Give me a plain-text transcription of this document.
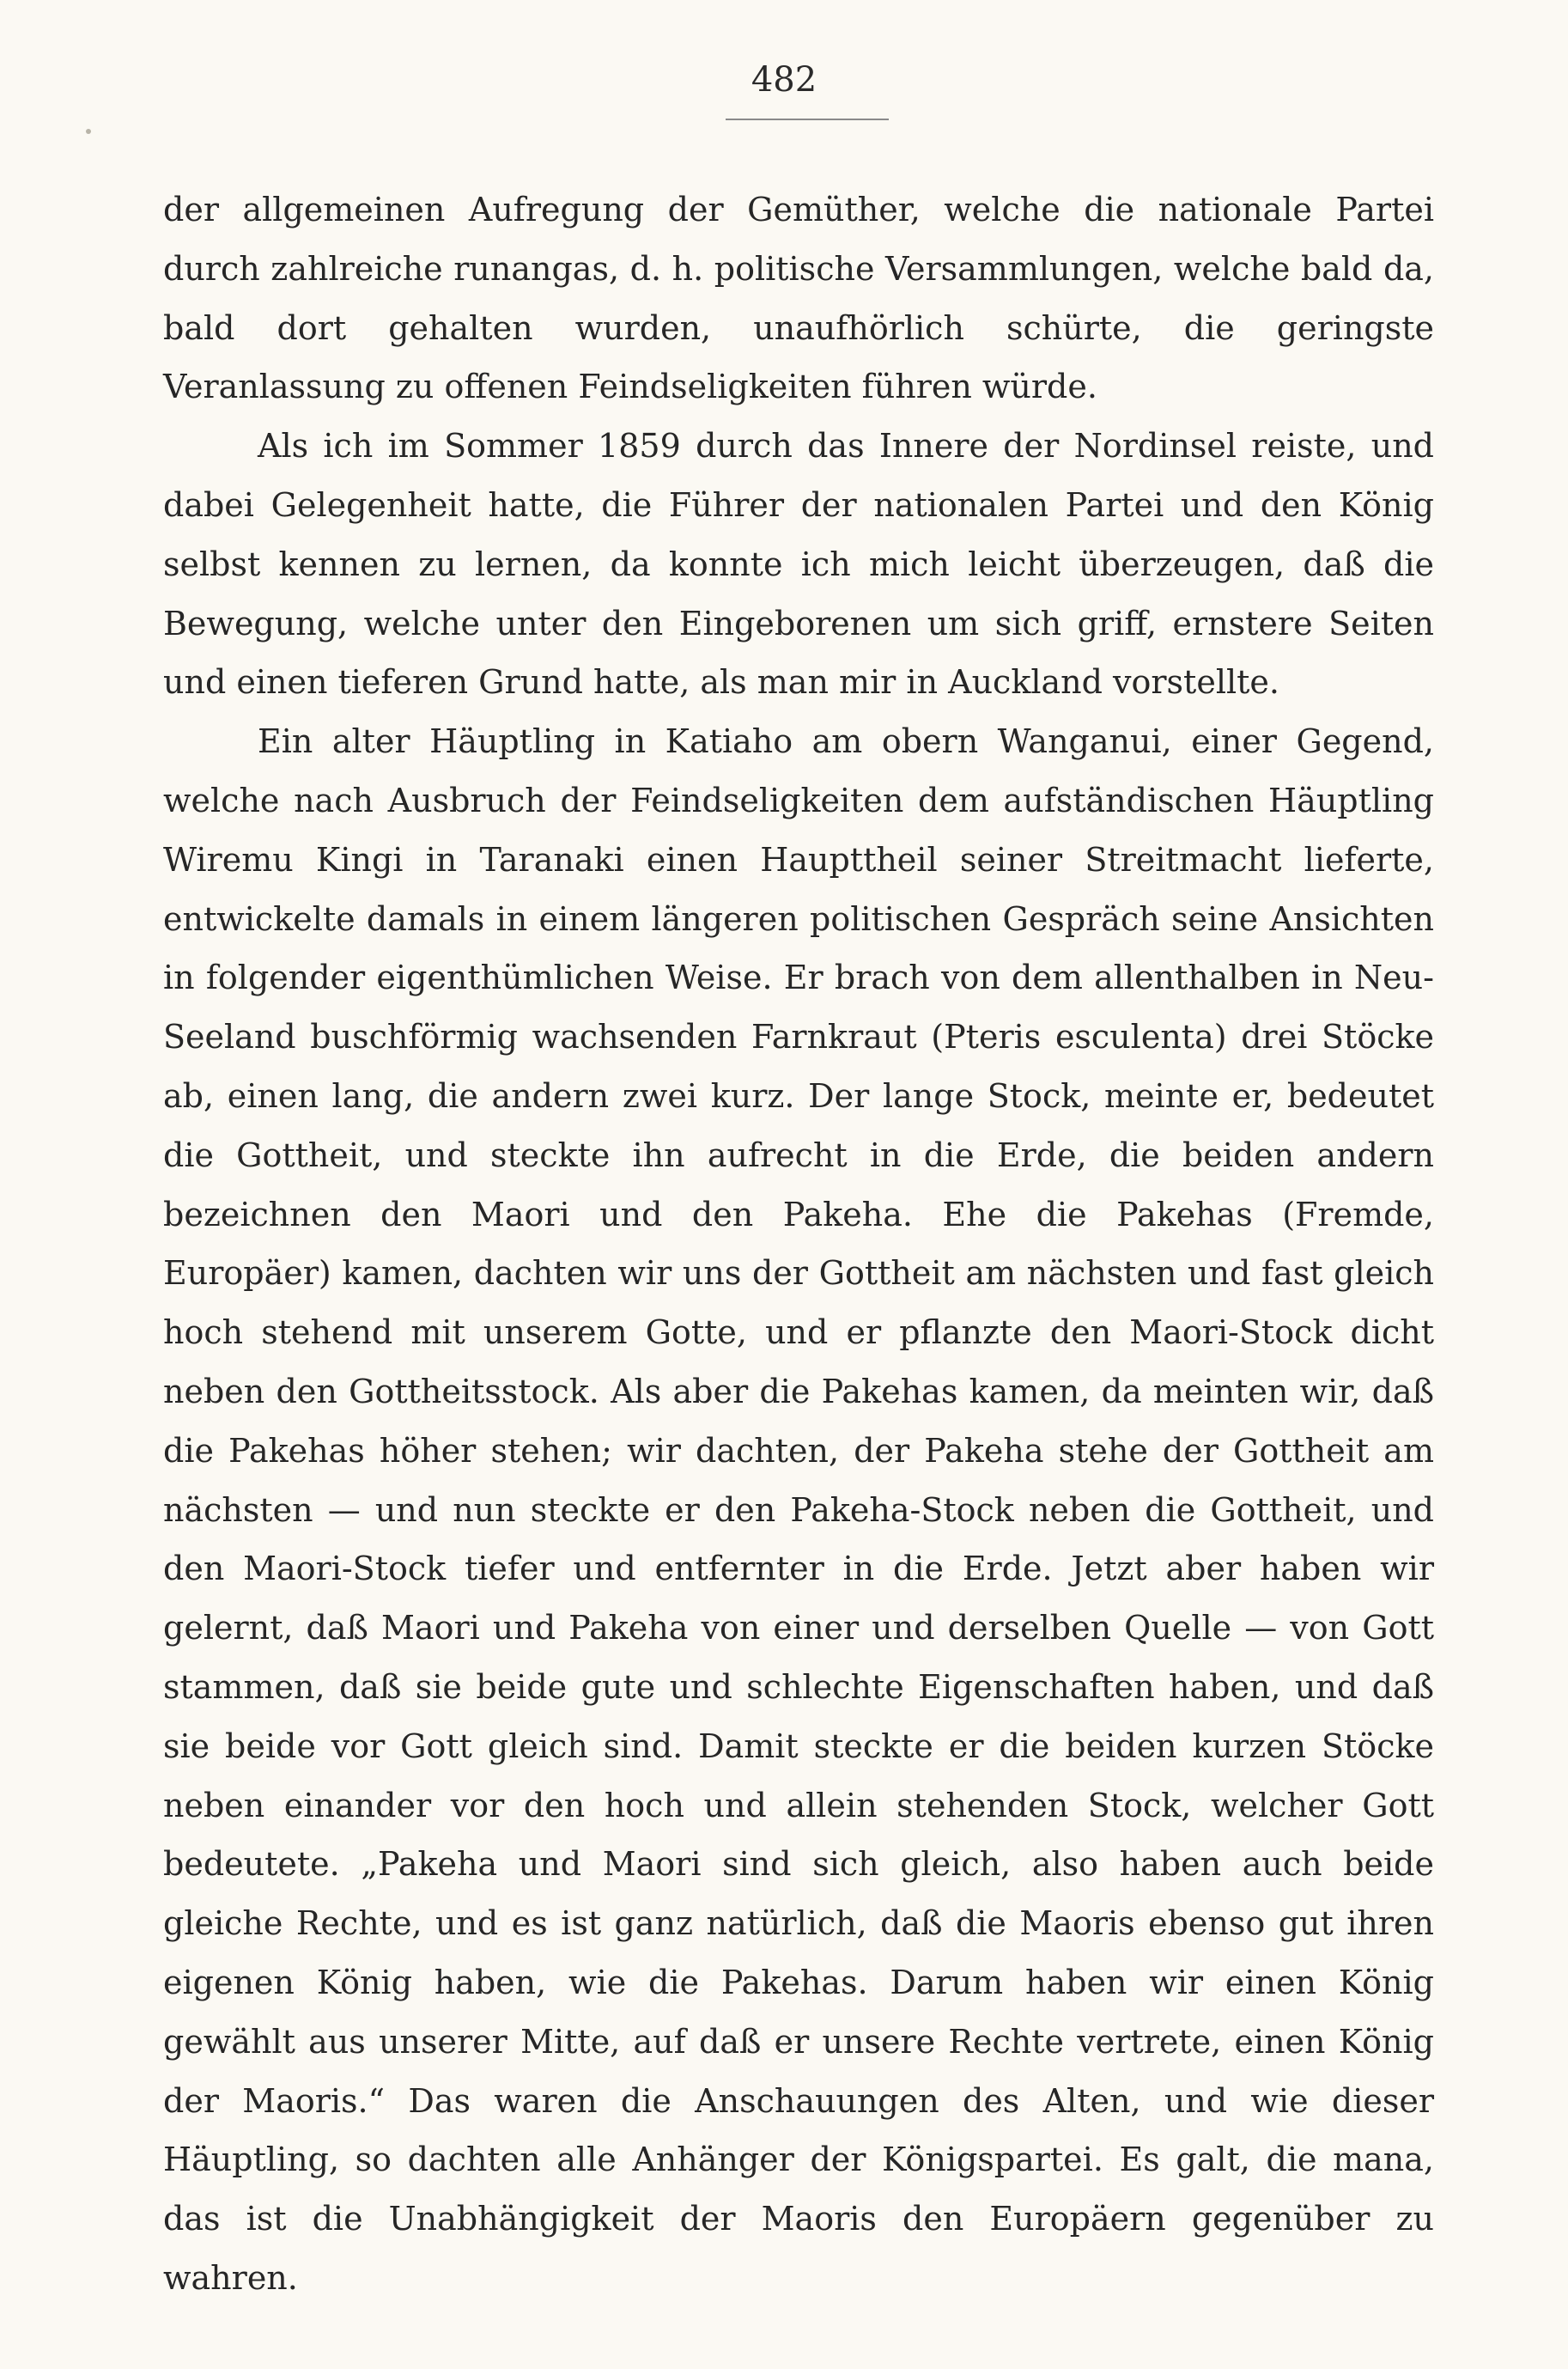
482

der allgemeinen Aufregung der Gemüther, welche die nationale Partei durch zahlreiche runangas, d. h. politische Versammlungen, welche bald da, bald dort gehalten wurden, unaufhörlich schürte, die geringste Veranlassung zu offenen Feindseligkeiten führen würde.

Als ich im Sommer 1859 durch das Innere der Nordinsel reiste, und dabei Gelegenheit hatte, die Führer der nationalen Partei und den König selbst kennen zu lernen, da konnte ich mich leicht überzeugen, daß die Bewegung, welche unter den Eingeborenen um sich griff, ernstere Seiten und einen tieferen Grund hatte, als man mir in Auckland vorstellte.

Ein alter Häuptling in Katiaho am obern Wanganui, einer Gegend, welche nach Ausbruch der Feindseligkeiten dem aufständischen Häuptling Wiremu Kingi in Taranaki einen Haupttheil seiner Streitmacht lieferte, entwickelte damals in einem längeren politischen Gespräch seine Ansichten in folgender eigenthümlichen Weise. Er brach von dem allenthalben in Neu-Seeland buschförmig wachsenden Farnkraut (Pteris esculenta) drei Stöcke ab, einen lang, die andern zwei kurz. Der lange Stock, meinte er, bedeutet die Gottheit, und steckte ihn aufrecht in die Erde, die beiden andern bezeichnen den Maori und den Pakeha. Ehe die Pakehas (Fremde, Europäer) kamen, dachten wir uns der Gottheit am nächsten und fast gleich hoch stehend mit unserem Gotte, und er pflanzte den Maori-Stock dicht neben den Gottheitsstock. Als aber die Pakehas kamen, da meinten wir, daß die Pakehas höher stehen; wir dachten, der Pakeha stehe der Gottheit am nächsten — und nun steckte er den Pakeha-Stock neben die Gottheit, und den Maori-Stock tiefer und entfernter in die Erde. Jetzt aber haben wir gelernt, daß Maori und Pakeha von einer und derselben Quelle — von Gott stammen, daß sie beide gute und schlechte Eigenschaften haben, und daß sie beide vor Gott gleich sind. Damit steckte er die beiden kurzen Stöcke neben einander vor den hoch und allein stehenden Stock, welcher Gott bedeutete. „Pakeha und Maori sind sich gleich, also haben auch beide gleiche Rechte, und es ist ganz natürlich, daß die Maoris ebenso gut ihren eigenen König haben, wie die Pakehas. Darum haben wir einen König gewählt aus unserer Mitte, auf daß er unsere Rechte vertrete, einen König der Maoris.“ Das waren die Anschauungen des Alten, und wie dieser Häuptling, so dachten alle Anhänger der Königspartei. Es galt, die mana, das ist die Unabhängigkeit der Maoris den Europäern gegenüber zu wahren.
